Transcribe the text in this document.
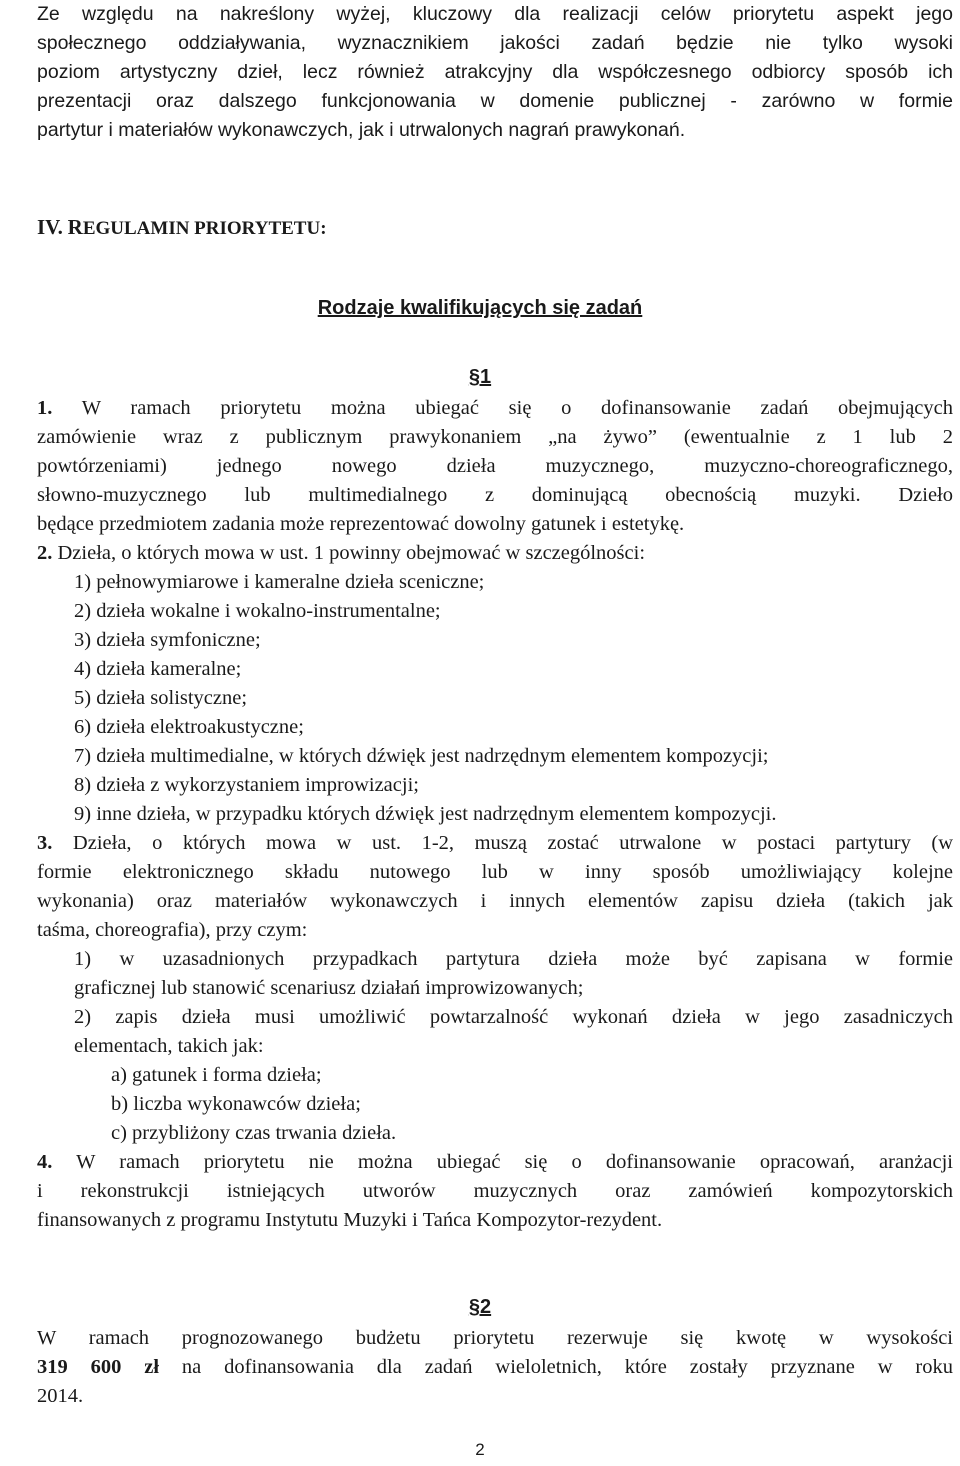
Ze względu na nakreślony wyżej, kluczowy dla realizacji celów priorytetu aspekt jego
społecznego oddziaływania, wyznacznikiem jakości zadań będzie nie tylko wysoki
poziom artystyczny dzieł, lecz również atrakcyjny dla współczesnego odbiorcy sposób ich
prezentacji oraz dalszego funkcjonowania w domenie publicznej - zarówno w formie
partytur i materiałów wykonawczych, jak i utrwalonych nagrań prawykonań.
IV. REGULAMIN PRIORYTETU:
Rodzaje kwalifikujących się zadań
§1
1. W ramach priorytetu można ubiegać się o dofinansowanie zadań obejmujących
zamówienie wraz z publicznym prawykonaniem „na żywo” (ewentualnie z 1 lub 2
powtórzeniami) jednego nowego dzieła muzycznego, muzyczno-choreograficznego,
słowno-muzycznego lub multimedialnego z dominującą obecnością muzyki. Dzieło
będące przedmiotem zadania może reprezentować dowolny gatunek i estetykę.
2. Dzieła, o których mowa w ust. 1 powinny obejmować w szczególności:
1) pełnowymiarowe i kameralne dzieła sceniczne;
2) dzieła wokalne i wokalno-instrumentalne;
3) dzieła symfoniczne;
4) dzieła kameralne;
5) dzieła solistyczne;
6) dzieła elektroakustyczne;
7) dzieła multimedialne, w których dźwięk jest nadrzędnym elementem kompozycji;
8) dzieła z wykorzystaniem improwizacji;
9) inne dzieła, w przypadku których dźwięk jest nadrzędnym elementem kompozycji.
3. Dzieła, o których mowa w ust. 1-2, muszą zostać utrwalone w postaci partytury (w
formie elektronicznego składu nutowego lub w inny sposób umożliwiający kolejne
wykonania) oraz materiałów wykonawczych i innych elementów zapisu dzieła (takich jak
taśma, choreografia), przy czym:
1) w uzasadnionych przypadkach partytura dzieła może być zapisana w formie
graficznej lub stanowić scenariusz działań improwizowanych;
2) zapis dzieła musi umożliwić powtarzalność wykonań dzieła w jego zasadniczych
elementach, takich jak:
a) gatunek i forma dzieła;
b) liczba wykonawców dzieła;
c) przybliżony czas trwania dzieła.
4. W ramach priorytetu nie można ubiegać się o dofinansowanie opracowań, aranżacji
i rekonstrukcji istniejących utworów muzycznych oraz zamówień kompozytorskich
finansowanych z programu Instytutu Muzyki i Tańca Kompozytor-rezydent.
§2
W ramach prognozowanego budżetu priorytetu rezerwuje się kwotę w wysokości
319 600 zł na dofinansowania dla zadań wieloletnich, które zostały przyznane w roku
2014.
2
